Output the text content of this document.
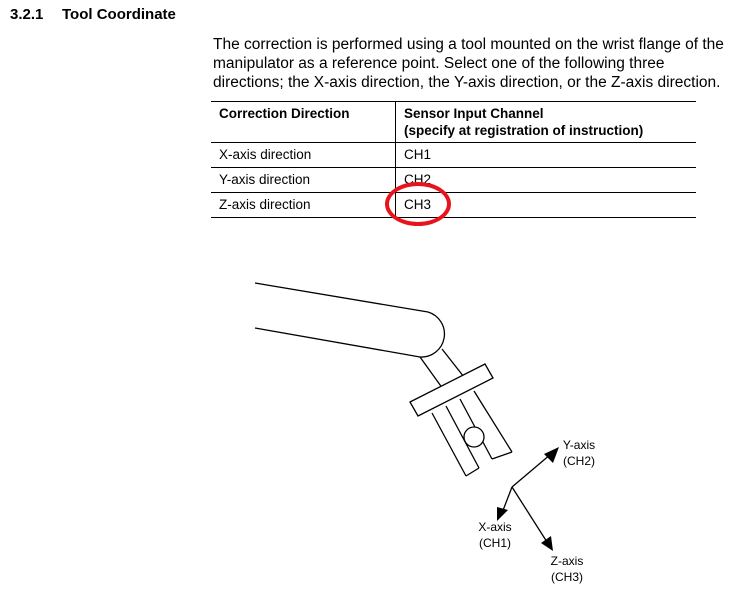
3.2.1 Tool Coordinate
The correction is performed using a tool mounted on the wrist flange of the manipulator as a reference point. Select one of the following three directions; the X-axis direction, the Y-axis direction, or the Z-axis direction.
Correction Direction	Sensor Input Channel
(specify at registration of instruction)
X-axis direction	CH1
Y-axis direction	CH2
Z-axis direction	CH3
Y-axis
(CH2)
X-axis
(CH1)
Z-axis
(CH3)
